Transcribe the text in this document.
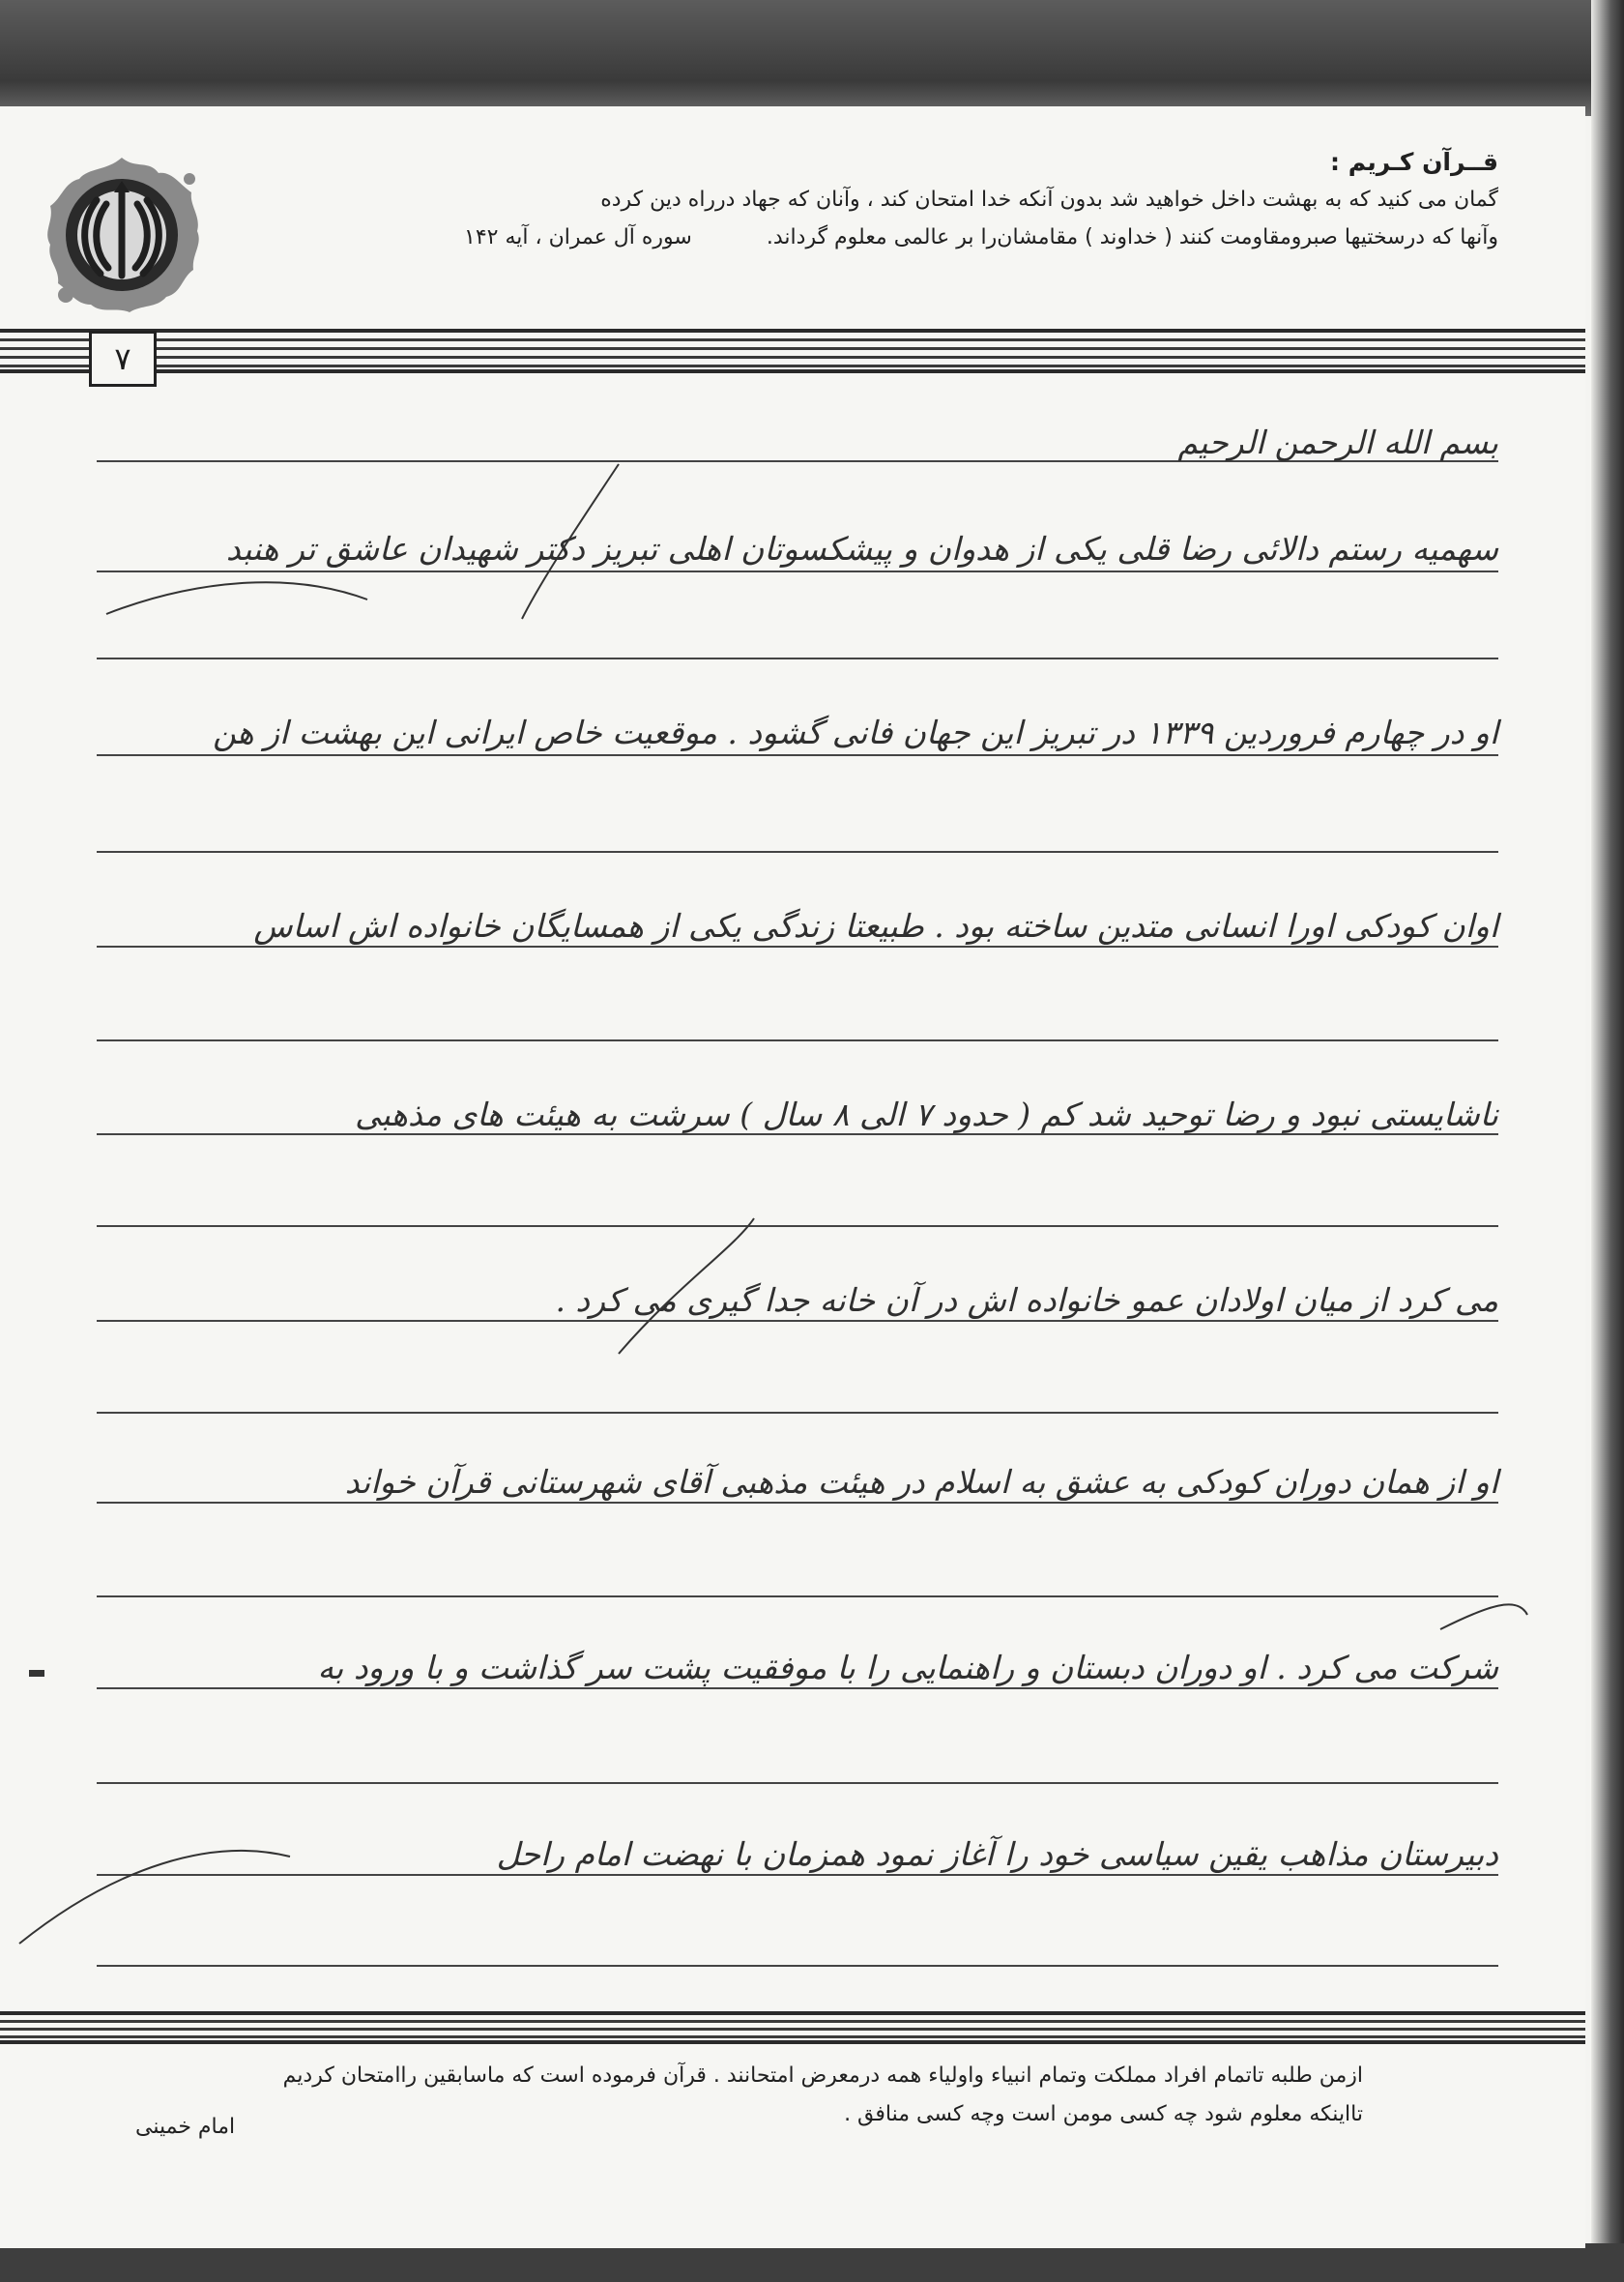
قــرآن کـریم :
گمان می کنید که به بهشت داخل خواهید شد بدون آنکه خدا امتحان کند ، وآنان که جهاد درراه دین کرده
وآنها که درسختیها صبرومقاومت کنند ( خداوند ) مقامشان‌را بر عالمی معلوم گرداند.
سوره آل عمران ، آیه ۱۴۲
۷
بسم الله الرحمن الرحیم
سهمیه رستم دالائی رضا قلی یکی از هدوان و پیشکسوتان اهلی تبریز دکتر شهیدان عاشق تر هنبد
او در چهارم فروردین ۱۳۳۹ در تبریز این جهان فانی گشود . موقعیت خاص ایرانی این بهشت از هن
اوان کودکی اورا انسانی متدین ساخته بود . طبیعتا زندگی یکی از همسایگان خانواده اش اساس
ناشایستی نبود و رضا توحید شد کم ( حدود ۷ الی ۸ سال ) سرشت به هیئت های مذهبی
می کرد از میان اولادان عمو خانواده اش در آن خانه جدا گیری می کرد .
او از همان دوران کودکی به عشق به اسلام در هیئت مذهبی آقای شهرستانی قرآن خواند
شرکت می کرد . او دوران دبستان و راهنمایی را با موفقیت پشت سر گذاشت و با ورود به
دبیرستان مذاهب یقین سیاسی خود را آغاز نمود همزمان با نهضت امام راحل
ازمن طلبه تاتمام افراد مملکت وتمام انبیاء واولیاء همه درمعرض امتحانند . قرآن فرموده است که ماسابقین راامتحان کردیم
تااینکه معلوم شود چه کسی مومن است وچه کسی منافق .
امام خمینی
